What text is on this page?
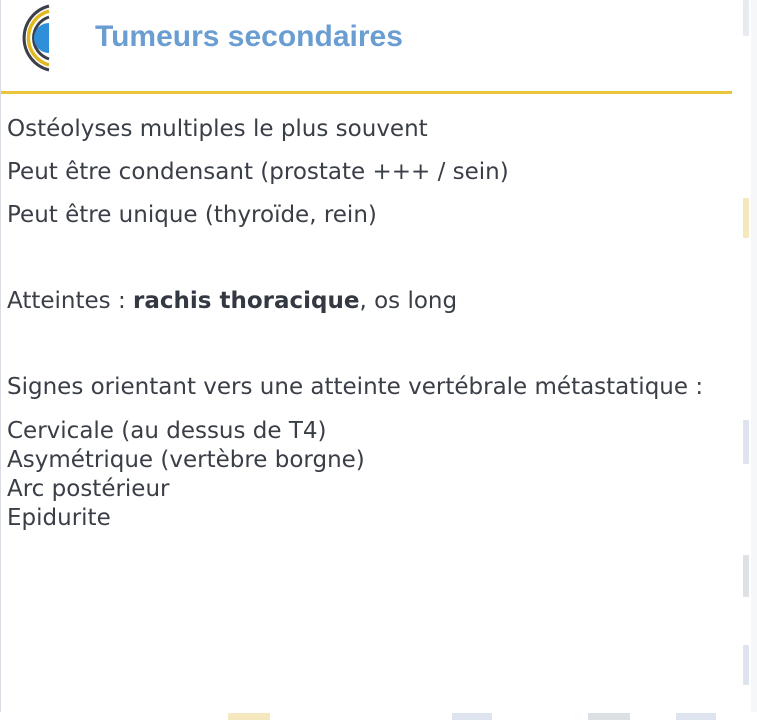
Tumeurs secondaires

Ostéolyses multiples le plus souvent

Peut être condensant (prostate +++ / sein)

Peut être unique (thyroïde, rein)

Atteintes : rachis thoracique, os long

Signes orientant vers une atteinte vertébrale métastatique :

Cervicale (au dessus de T4)

Asymétrique (vertèbre borgne)

Arc postérieur

Epidurite
